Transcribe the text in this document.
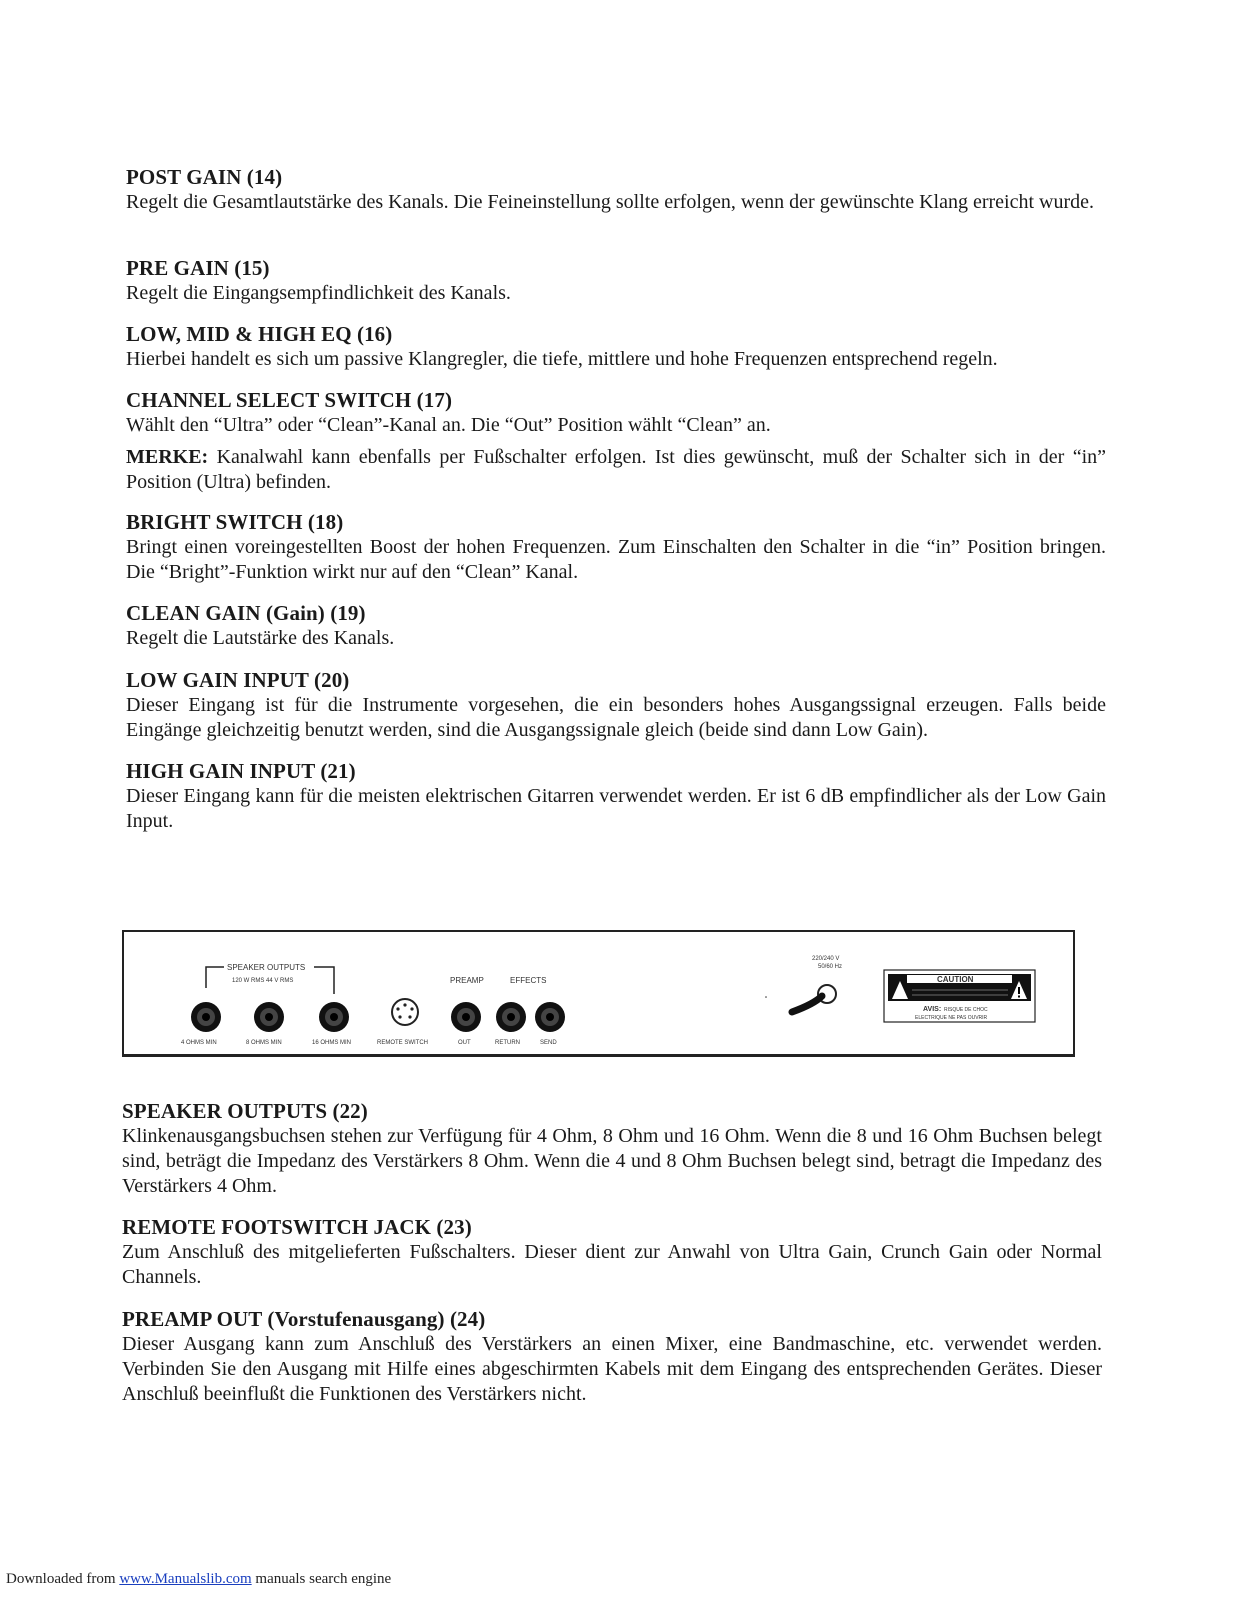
POST GAIN (14)

Regelt die Gesamtlautstärke des Kanals. Die Feineinstellung sollte erfolgen, wenn der gewünschte Klang erreicht wurde.

PRE GAIN (15)

Regelt die Eingangsempfindlichkeit des Kanals.

LOW, MID & HIGH EQ (16)

Hierbei handelt es sich um passive Klangregler, die tiefe, mittlere und hohe Frequenzen entsprechend regeln.

CHANNEL SELECT SWITCH (17)

Wählt den “Ultra” oder “Clean”-Kanal an. Die “Out” Position wählt “Clean” an.

MERKE: Kanalwahl kann ebenfalls per Fußschalter erfolgen. Ist dies gewünscht, muß der Schalter sich in der “in” Position (Ultra) befinden.

BRIGHT SWITCH (18)

Bringt einen voreingestellten Boost der hohen Frequenzen. Zum Einschalten den Schalter in die “in” Position bringen. Die “Bright”-Funktion wirkt nur auf den “Clean” Kanal.

CLEAN GAIN (Gain) (19)

Regelt die Lautstärke des Kanals.

LOW GAIN INPUT (20)

Dieser Eingang ist für die Instrumente vorgesehen, die ein besonders hohes Ausgangssignal erzeugen. Falls beide Eingänge gleichzeitig benutzt werden, sind die Ausgangssignale gleich (beide sind dann Low Gain).

HIGH GAIN INPUT (21)

Dieser Eingang kann für die meisten elektrischen Gitarren verwendet werden. Er ist 6 dB empfindlicher als der Low Gain Input.

SPEAKER OUTPUTS
120 W RMS 44 V RMS	PREAMP	EFFECTS
4 OHMS MIN	8 OHMS MIN	16 OHMS MIN	REMOTE SWITCH	OUT	RETURN	SEND
220/240 V
50/60 Hz
CAUTION
AVIS: RISQUE DE CHOC
ELECTRIQUE NE PAS OUVRIR

SPEAKER OUTPUTS (22)

Klinkenausgangsbuchsen stehen zur Verfügung für 4 Ohm, 8 Ohm und 16 Ohm. Wenn die 8 und 16 Ohm Buchsen belegt sind, beträgt die Impedanz des Verstärkers 8 Ohm. Wenn die 4 und 8 Ohm Buchsen belegt sind, betragt die Impedanz des Verstärkers 4 Ohm.

REMOTE FOOTSWITCH JACK (23)

Zum Anschluß des mitgelieferten Fußschalters. Dieser dient zur Anwahl von Ultra Gain, Crunch Gain oder Normal Channels.

PREAMP OUT (Vorstufenausgang) (24)

Dieser Ausgang kann zum Anschluß des Verstärkers an einen Mixer, eine Bandmaschine, etc. verwendet werden. Verbinden Sie den Ausgang mit Hilfe eines abgeschirmten Kabels mit dem Eingang des entsprechenden Gerätes. Dieser Anschluß beeinflußt die Funktionen des Verstärkers nicht.

Downloaded from www.Manualslib.com manuals search engine
